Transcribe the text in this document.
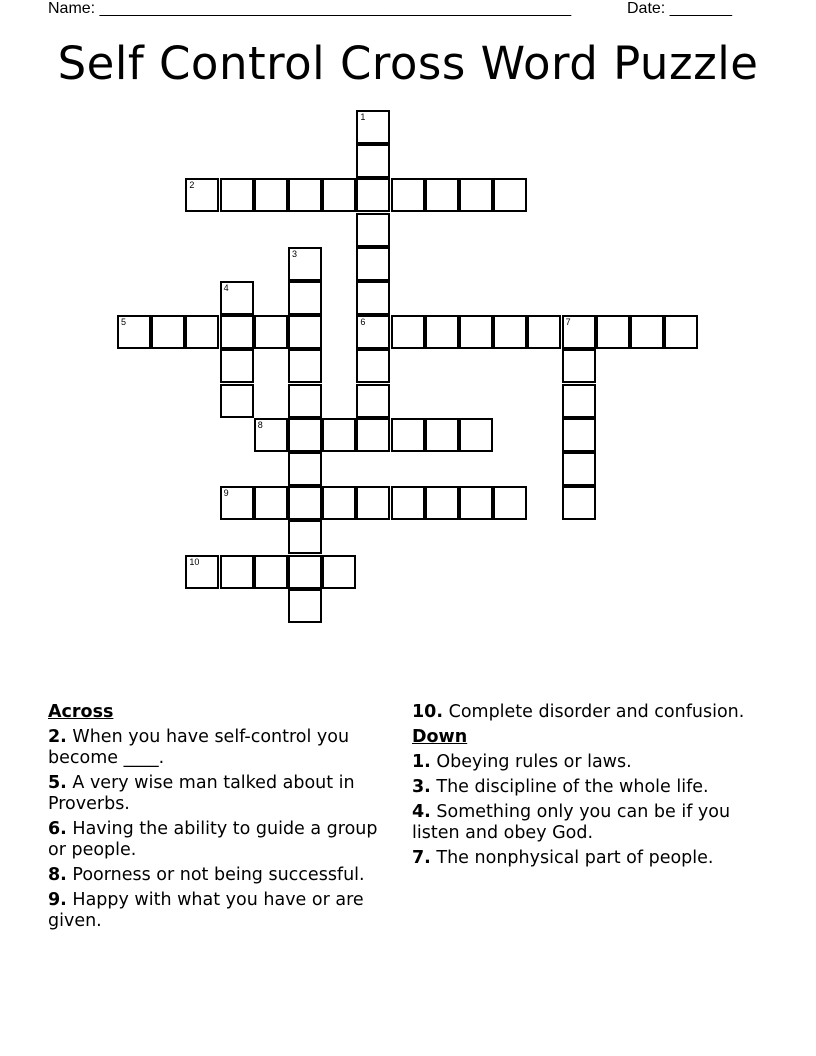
Name: _____________________________________________________	Date: _______
Self Control Cross Word Puzzle
1
6
2
3
4
5	7
8
9
10
Across
2. When you have self-control you become ____.
5. A very wise man talked about in Proverbs.
6. Having the ability to guide a group or people.
8. Poorness or not being successful.
9. Happy with what you have or are given.
10. Complete disorder and confusion.
Down
1. Obeying rules or laws.
3. The discipline of the whole life.
4. Something only you can be if you listen and obey God.
7. The nonphysical part of people.
